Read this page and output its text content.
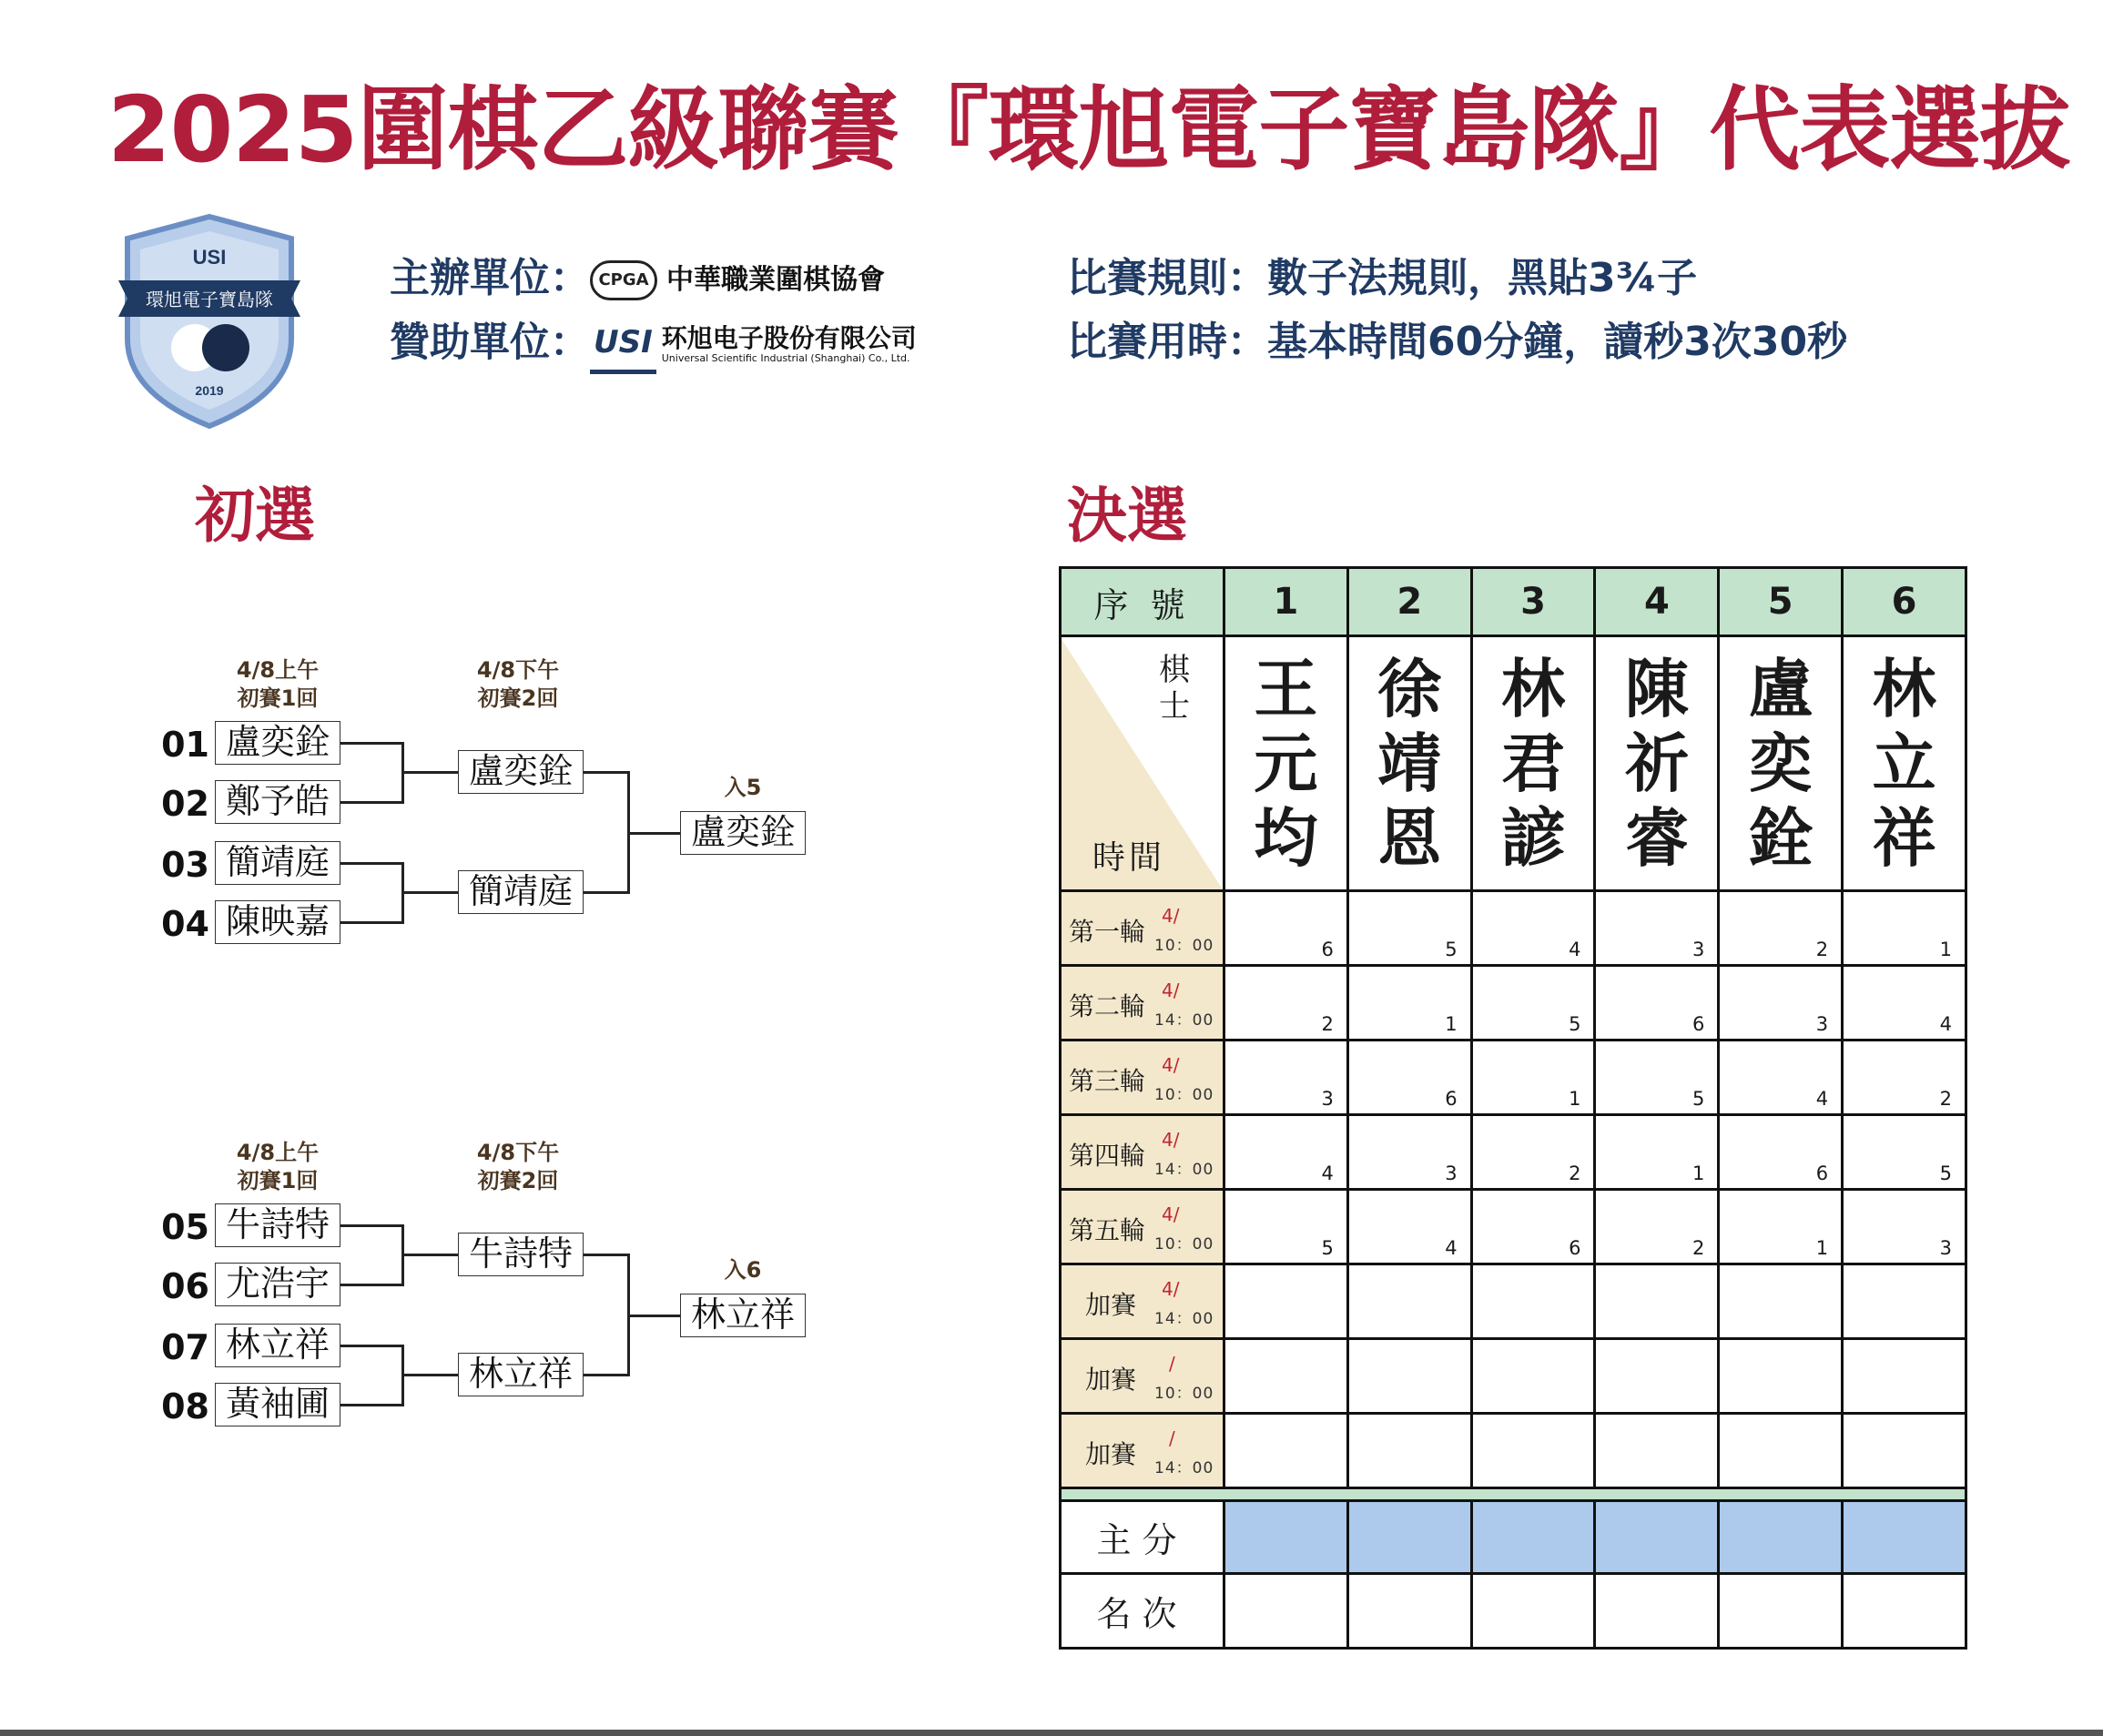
2025圍棋乙級聯賽『環旭電子寶島隊』代表選拔
USI
環旭電子寶島隊
2019
主辦單位： CPGA 中華職業圍棋協會
贊助單位： USI 环旭电子股份有限公司
Universal Scientific Industrial (Shanghai) Co., Ltd.
比賽規則：數子法規則，黑貼3¾子
比賽用時：基本時間60分鐘，讀秒3次30秒
初選	決選
4/8上午
初賽1回
4/8下午
初賽2回
01 盧奕銓
02 鄭予皓
03 簡靖庭
04 陳映嘉
盧奕銓
簡靖庭
入5
盧奕銓
4/8上午
初賽1回
4/8下午
初賽2回
05 牛詩特
06 尤浩宇
07 林立祥
08 黃袖圃
牛詩特
林立祥
入6
林立祥
序 號	1	2	3	4	5	6

棋士
時間	王元均	徐靖恩	林君諺	陳祈睿	盧奕銓	林立祥

第一輪
4/
10：00	6	5	4	3	2	1

第二輪
4/
14：00	2	1	5	6	3	4

第三輪
4/
10：00	3	6	1	5	4	2

第四輪
4/
14：00	4	3	2	1	6	5

第五輪
4/
10：00	5	4	6	2	1	3

加賽
4/
14：00						

加賽
/
10：00						

加賽
/
14：00						

主分						
名次						
